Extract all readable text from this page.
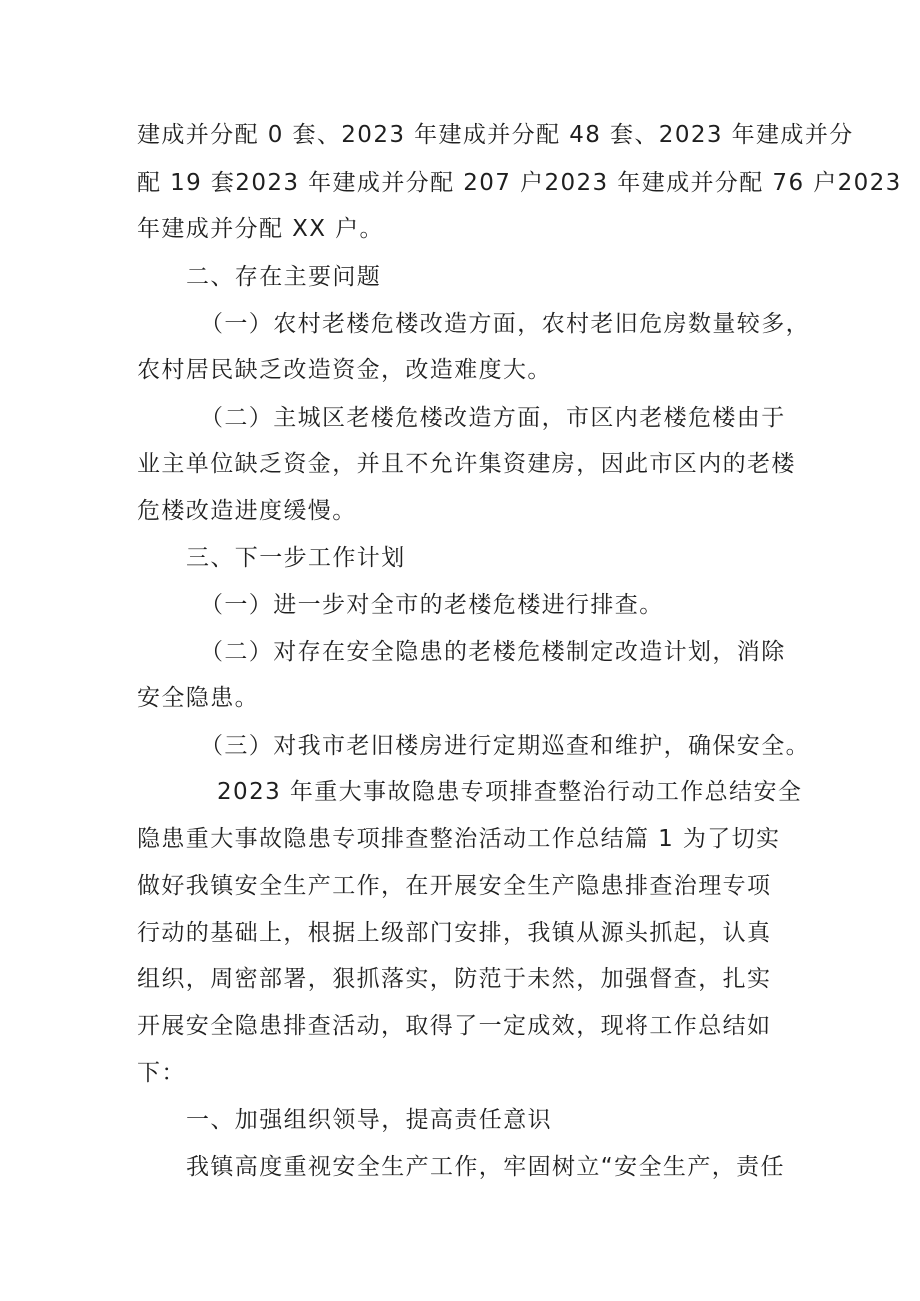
建成并分配 0 套、2023 年建成并分配 48 套、2023 年建成并分
配 19 套2023 年建成并分配 207 户2023 年建成并分配 76 户2023
年建成并分配 XX 户。
二、存在主要问题
（一）农村老楼危楼改造方面，农村老旧危房数量较多，
农村居民缺乏改造资金，改造难度大。
（二）主城区老楼危楼改造方面，市区内老楼危楼由于
业主单位缺乏资金，并且不允许集资建房，因此市区内的老楼
危楼改造进度缓慢。
三、下一步工作计划
（一）进一步对全市的老楼危楼进行排查。
（二）对存在安全隐患的老楼危楼制定改造计划，消除
安全隐患。
（三）对我市老旧楼房进行定期巡查和维护，确保安全。
2023 年重大事故隐患专项排查整治行动工作总结安全
隐患重大事故隐患专项排查整治活动工作总结篇 1 为了切实
做好我镇安全生产工作，在开展安全生产隐患排查治理专项
行动的基础上，根据上级部门安排，我镇从源头抓起，认真
组织，周密部署，狠抓落实，防范于未然，加强督查，扎实
开展安全隐患排查活动，取得了一定成效，现将工作总结如
下：
一、加强组织领导，提高责任意识
我镇高度重视安全生产工作，牢固树立“安全生产，责任
